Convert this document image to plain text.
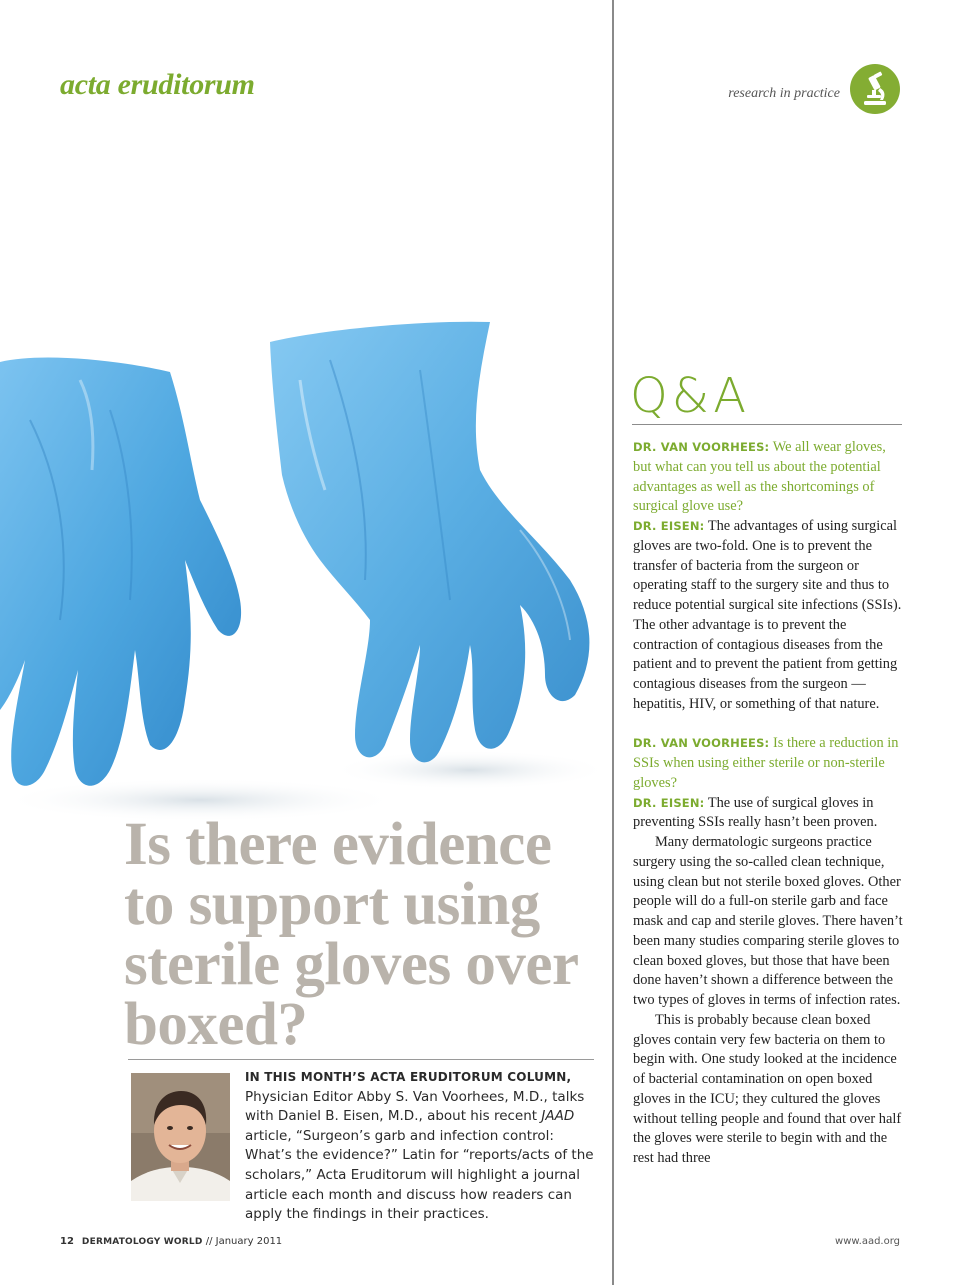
acta eruditorum	research in practice
Is there evidence to support using sterile gloves over boxed?
IN THIS MONTH’S ACTA ERUDITORUM COLUMN, Physician Editor Abby S. Van Voorhees, M.D., talks with Daniel B. Eisen, M.D., about his recent JAAD article, “Surgeon’s garb and infection control: What’s the evidence?” Latin for “reports/acts of the scholars,” Acta Eruditorum will highlight a journal article each month and discuss how readers can apply the findings in their practices.
Q&A

DR. VAN VOORHEES: We all wear gloves, but what can you tell us about the potential advantages as well as the shortcomings of surgical glove use?

DR. EISEN: The advantages of using surgical gloves are two-fold. One is to prevent the transfer of bacteria from the surgeon or operating staff to the surgery site and thus to reduce potential surgical site infections (SSIs). The other advantage is to prevent the contraction of contagious diseases from the patient and to prevent the patient from getting contagious diseases from the surgeon — hepatitis, HIV, or something of that nature.

DR. VAN VOORHEES: Is there a reduction in SSIs when using either sterile or non-sterile gloves?

DR. EISEN: The use of surgical gloves in preventing SSIs really hasn’t been proven.

Many dermatologic surgeons practice surgery using the so-called clean technique, using clean but not sterile boxed gloves. Other people will do a full-on sterile garb and face mask and cap and sterile gloves. There haven’t been many studies comparing sterile gloves to clean boxed gloves, but those that have been done haven’t shown a difference between the two types of gloves in terms of infection rates.

This is probably because clean boxed gloves contain very few bacteria on them to begin with. One study looked at the incidence of bacterial contamination on open boxed gloves in the ICU; they cultured the gloves without telling people and found that over half the gloves were sterile to begin with and the rest had three

12 DERMATOLOGY WORLD // January 2011	www.aad.org
